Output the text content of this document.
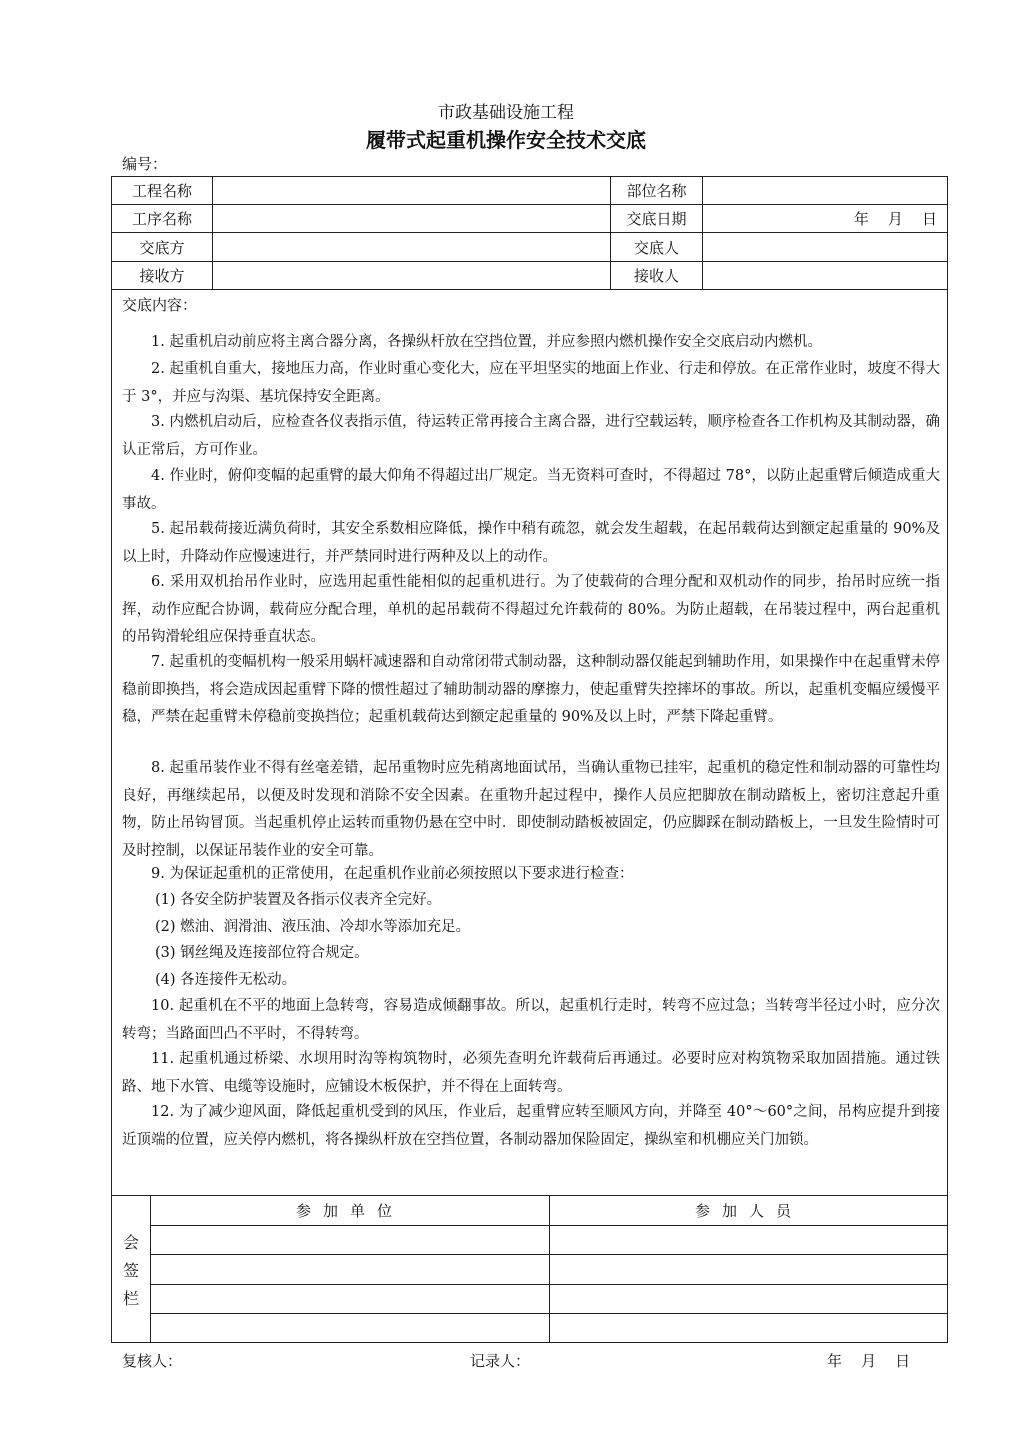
市政基础设施工程
履带式起重机操作安全技术交底
编号：
工程名称	部位名称
工序名称	交底日期	年    月    日
交底方	交底人
接收方	接收人
交底内容：
1. 起重机启动前应将主离合器分离，各操纵杆放在空挡位置，并应参照内燃机操作安全交底启动内燃机。
2. 起重机自重大，接地压力高，作业时重心变化大，应在平坦坚实的地面上作业、行走和停放。在正常作业时，坡度不得大于 3°，并应与沟渠、基坑保持安全距离。
3. 内燃机启动后，应检查各仪表指示值，待运转正常再接合主离合器，进行空载运转，顺序检查各工作机构及其制动器，确认正常后，方可作业。
4. 作业时，俯仰变幅的起重臂的最大仰角不得超过出厂规定。当无资料可查时，不得超过 78°，以防止起重臂后倾造成重大事故。
5. 起吊载荷接近满负荷时，其安全系数相应降低，操作中稍有疏忽，就会发生超载，在起吊载荷达到额定起重量的 90%及以上时，升降动作应慢速进行，并严禁同时进行两种及以上的动作。
6. 采用双机抬吊作业时，应选用起重性能相似的起重机进行。为了使载荷的合理分配和双机动作的同步，抬吊时应统一指挥，动作应配合协调，载荷应分配合理，单机的起吊载荷不得超过允许载荷的 80%。为防止超载，在吊装过程中，两台起重机的吊钩滑轮组应保持垂直状态。
7. 起重机的变幅机构一般采用蜗杆减速器和自动常闭带式制动器，这种制动器仅能起到辅助作用，如果操作中在起重臂未停稳前即换挡，将会造成因起重臂下降的惯性超过了辅助制动器的摩擦力，使起重臂失控摔坏的事故。所以，起重机变幅应缓慢平稳，严禁在起重臂未停稳前变换挡位；起重机载荷达到额定起重量的 90%及以上时，严禁下降起重臂。
8. 起重吊装作业不得有丝毫差错，起吊重物时应先稍离地面试吊，当确认重物已挂牢，起重机的稳定性和制动器的可靠性均良好，再继续起吊，以便及时发现和消除不安全因素。在重物升起过程中，操作人员应把脚放在制动踏板上，密切注意起升重物，防止吊钩冒顶。当起重机停止运转而重物仍悬在空中时．即使制动踏板被固定，仍应脚踩在制动踏板上，一旦发生险情时可及时控制，以保证吊装作业的安全可靠。
9. 为保证起重机的正常使用，在起重机作业前必须按照以下要求进行检查：
(1) 各安全防护装置及各指示仪表齐全完好。
(2) 燃油、润滑油、液压油、冷却水等添加充足。
(3) 钢丝绳及连接部位符合规定。
(4) 各连接件无松动。
10. 起重机在不平的地面上急转弯，容易造成倾翻事故。所以，起重机行走时，转弯不应过急；当转弯半径过小时，应分次转弯；当路面凹凸不平时，不得转弯。
11. 起重机通过桥梁、水坝用时沟等构筑物时，必须先查明允许载荷后再通过。必要时应对构筑物采取加固措施。通过铁路、地下水管、电缆等设施时，应铺设木板保护，并不得在上面转弯。
12. 为了减少迎风面，降低起重机受到的风压，作业后，起重臂应转至顺风方向，并降至 40°～60°之间，吊构应提升到接近顶端的位置，应关停内燃机，将各操纵杆放在空挡位置，各制动器加保险固定，操纵室和机棚应关门加锁。
会
签
栏
参加单位	参加人员
复核人：	记录人：	年    月    日
